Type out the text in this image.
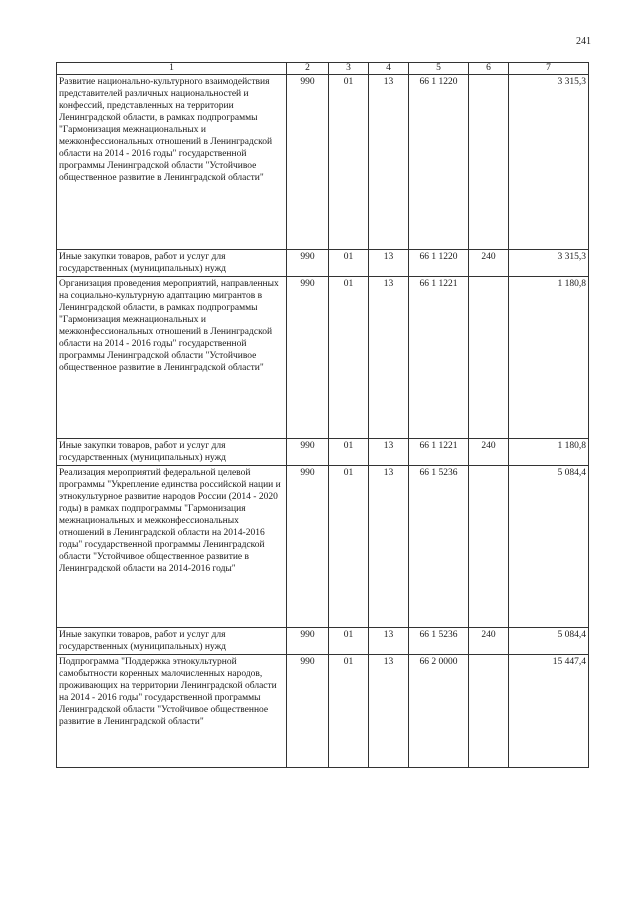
241
1	2	3	4	5	6	7
Развитие национально-культурного взаимодействия представителей различных национальностей и конфессий, представленных на территории Ленинградской области, в рамках подпрограммы "Гармонизация межнациональных и межконфессиональных отношений в Ленинградской области на 2014 - 2016 годы" государственной программы Ленинградской области "Устойчивое общественное развитие в Ленинградской области"	990	01	13	66 1 1220		3 315,3
Иные закупки товаров, работ и услуг для государственных (муниципальных) нужд	990	01	13	66 1 1220	240	3 315,3
Организация проведения мероприятий, направленных на социально-культурную адаптацию мигрантов в Ленинградской области, в рамках подпрограммы "Гармонизация межнациональных и межконфессиональных отношений в Ленинградской области на 2014 - 2016 годы" государственной программы Ленинградской области "Устойчивое общественное развитие в Ленинградской области"	990	01	13	66 1 1221		1 180,8
Иные закупки товаров, работ и услуг для государственных (муниципальных) нужд	990	01	13	66 1 1221	240	1 180,8
Реализация мероприятий федеральной целевой программы "Укрепление единства российской нации и этнокультурное развитие народов России (2014 - 2020 годы) в рамках подпрограммы "Гармонизация межнациональных и межконфессиональных отношений в Ленинградской области на 2014-2016 годы" государственной программы Ленинградской области "Устойчивое общественное развитие в Ленинградской области на 2014-2016 годы"	990	01	13	66 1 5236		5 084,4
Иные закупки товаров, работ и услуг для государственных (муниципальных) нужд	990	01	13	66 1 5236	240	5 084,4
Подпрограмма "Поддержка этнокультурной самобытности коренных малочисленных народов, проживающих на территории Ленинградской области на 2014 - 2016 годы" государственной программы Ленинградской области "Устойчивое общественное развитие в Ленинградской области"	990	01	13	66 2 0000		15 447,4
